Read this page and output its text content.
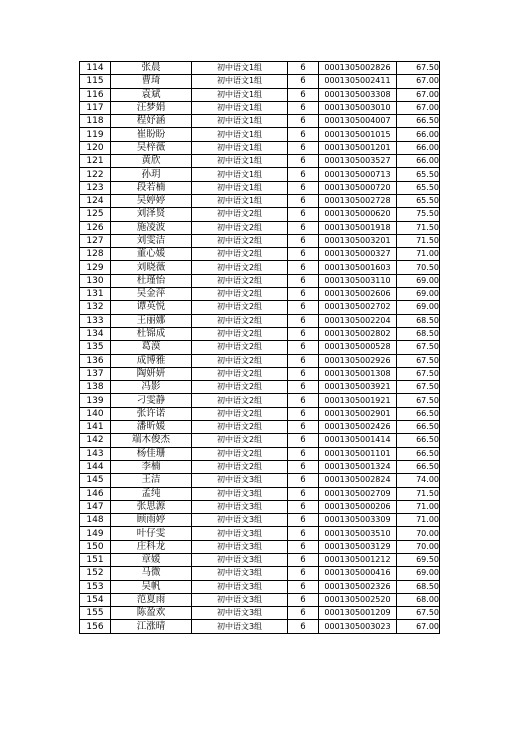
114	张晨	初中语文1组	6	0001305002826	67.50
115	曹琦	初中语文1组	6	0001305002411	67.00
116	袁斌	初中语文1组	6	0001305003308	67.00
117	汪梦娟	初中语文1组	6	0001305003010	67.00
118	程妤涵	初中语文1组	6	0001305004007	66.50
119	崔盼盼	初中语文1组	6	0001305001015	66.00
120	吴梓薇	初中语文1组	6	0001305001201	66.00
121	黄欣	初中语文1组	6	0001305003527	66.00
122	孙玥	初中语文1组	6	0001305000713	65.50
123	段若楠	初中语文1组	6	0001305000720	65.50
124	吴婷婷	初中语文1组	6	0001305002728	65.50
125	刘泽贤	初中语文2组	6	0001305000620	75.50
126	施凌波	初中语文2组	6	0001305001918	71.50
127	刘雯洁	初中语文2组	6	0001305003201	71.50
128	董心媛	初中语文2组	6	0001305000327	71.00
129	刘晓薇	初中语文2组	6	0001305001603	70.50
130	杜瑾怡	初中语文2组	6	0001305003110	69.00
131	吴金萍	初中语文2组	6	0001305002606	69.00
132	谭英悦	初中语文2组	6	0001305002702	69.00
133	王丽娜	初中语文2组	6	0001305002204	68.50
134	杜锦成	初中语文2组	6	0001305002802	68.50
135	葛漠	初中语文2组	6	0001305000528	67.50
136	成博雅	初中语文2组	6	0001305002926	67.50
137	陶妍妍	初中语文2组	6	0001305001308	67.50
138	冯影	初中语文2组	6	0001305003921	67.50
139	刁雯静	初中语文2组	6	0001305001921	67.50
140	张许诺	初中语文2组	6	0001305002901	66.50
141	潘昕媛	初中语文2组	6	0001305002426	66.50
142	端木俊杰	初中语文2组	6	0001305001414	66.50
143	杨佳珊	初中语文2组	6	0001305001101	66.50
144	李楠	初中语文2组	6	0001305001324	66.50
145	王洁	初中语文3组	6	0001305002824	74.00
146	孟纯	初中语文3组	6	0001305002709	71.50
147	张思源	初中语文3组	6	0001305000206	71.00
148	顾雨婷	初中语文3组	6	0001305003309	71.00
149	叶仔雯	初中语文3组	6	0001305003510	70.00
150	庄科龙	初中语文3组	6	0001305003129	70.00
151	章媛	初中语文3组	6	0001305001212	69.50
152	马微	初中语文3组	6	0001305000416	69.00
153	吴帆	初中语文3组	6	0001305002326	68.50
154	范夏雨	初中语文3组	6	0001305002520	68.00
155	陈盈欢	初中语文3组	6	0001305001209	67.50
156	江涨晴	初中语文3组	6	0001305003023	67.00
